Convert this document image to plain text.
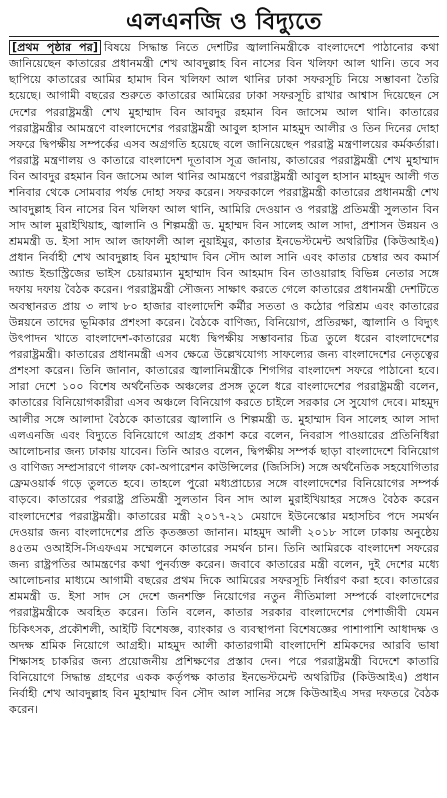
এলএনজি ও বিদ্যুতে

[প্রথম পৃষ্ঠার পর] বিষয়ে সিদ্ধান্ত নিতে দেশটির জ্বালানিমন্ত্রীকে বাংলাদেশে পাঠানোর কথা জানিয়েছেন কাতারের প্রধানমন্ত্রী শেখ আবদুল্লাহ বিন নাসের বিন খলিফা আল থানি। তবে সব ছাপিয়ে কাতারের আমির হামাদ বিন খলিফা আল থানির ঢাকা সফরসূচি নিয়ে সম্ভাবনা তৈরি হয়েছে। আগামী বছরের শুরুতে কাতারের আমিরের ঢাকা সফরসূচি রাখার আশ্বাস দিয়েছেন সে দেশের পররাষ্ট্রমন্ত্রী শেখ মুহাম্মাদ বিন আবদুর রহমান বিন জাসেম আল থানি। কাতারের পররাষ্ট্রমন্ত্রীর আমন্ত্রণে বাংলাদেশের পররাষ্ট্রমন্ত্রী আবুল হাসান মাহমুদ আলীর ও তিন দিনের দোহা সফরে দ্বিপক্ষীয় সম্পর্কের এসব অগ্রগতি হয়েছে বলে জানিয়েছেন পররাষ্ট্র মন্ত্রণালয়ের কর্মকর্তারা। পররাষ্ট্র মন্ত্রণালয় ও কাতারে বাংলাদেশ দূতাবাস সূত্র জানায়, কাতারের পররাষ্ট্রমন্ত্রী শেখ মুহাম্মাদ বিন আবদুর রহমান বিন জাসেম আল থানির আমন্ত্রণে পররাষ্ট্রমন্ত্রী আবুল হাসান মাহমুদ আলী গত শনিবার থেকে সোমবার পর্যন্ত দোহা সফর করেন। সফরকালে পররাষ্ট্রমন্ত্রী কাতারের প্রধানমন্ত্রী শেখ আবদুল্লাহ বিন নাসের বিন খলিফা আল থানি, আমিরি দেওয়ান ও পররাষ্ট্র প্রতিমন্ত্রী সুলতান বিন সাদ আল মুরাইখিয়াহ, জ্বালানি ও শিল্পমন্ত্রী ড. মুহাম্মদ বিন সালেহ আল সাদা, প্রশাসন উন্নয়ন ও শ্রমমন্ত্রী ড. ইসা সাদ আল জাফালী আল নুয়াইমুর, কাতার ইনভেস্টমেন্ট অথরিটির (কিউআইএ) প্রধান নির্বাহী শেখ আবদুল্লাহ বিন মুহাম্মাদ বিন সৌদ আল সানি এবং কাতার চেম্বার অব কমার্স অ্যান্ড ইন্ডাস্ট্রিজের ভাইস চেয়ারম্যান মুহাম্মাদ বিন আহমাদ বিন তাওয়ারাহ বিভিন্ন নেতার সঙ্গে দফায় দফায় বৈঠক করেন। পররাষ্ট্রমন্ত্রী সৌজন্য সাক্ষাৎ করতে গেলে কাতারের প্রধানমন্ত্রী দেশটিতে অবস্থানরত প্রায় ৩ লাখ ৮০ হাজার বাংলাদেশি কর্মীর সততা ও কঠোর পরিশ্রম এবং কাতারের উন্নয়নে তাদের ভূমিকার প্রশংসা করেন। বৈঠকে বাণিজ্য, বিনিয়োগ, প্রতিরক্ষা, জ্বালানি ও বিদ্যুৎ উৎপাদন খাতে বাংলাদেশ-কাতারের মধ্যে দ্বিপক্ষীয় সম্ভাবনার চিত্র তুলে ধরেন বাংলাদেশের পররাষ্ট্রমন্ত্রী। কাতারের প্রধানমন্ত্রী এসব ক্ষেত্রে উল্লেখযোগ্য সাফল্যের জন্য বাংলাদেশের নেতৃত্বের প্রশংসা করেন। তিনি জানান, কাতারের জ্বালানিমন্ত্রীকে শিগগির বাংলাদেশ সফরে পাঠানো হবে। সারা দেশে ১০০ বিশেষ অর্থনৈতিক অঞ্চলের প্রসঙ্গ তুলে ধরে বাংলাদেশের পররাষ্ট্রমন্ত্রী বলেন, কাতারের বিনিয়োগকারীরা এসব অঞ্চলে বিনিয়োগ করতে চাইলে সরকার সে সুযোগ দেবে। মাহমুদ আলীর সঙ্গে আলাদা বৈঠকে কাতারের জ্বালানি ও শিল্পমন্ত্রী ড. মুহাম্মাদ বিন সালেহ আল সাদা এলএনজি এবং বিদ্যুতে বিনিয়োগে আগ্রহ প্রকাশ করে বলেন, নিবরাস পাওয়ারের প্রতিনিধিরা আলোচনার জন্য ঢাকায় যাবেন। তিনি আরও বলেন, দ্বিপক্ষীয় সম্পর্ক ছাড়া বাংলাদেশে বিনিয়োগ ও বাণিজ্য সম্প্রসারণে গালফ কো-অপারেশন কাউন্সিলের (জিসিসি) সঙ্গে অর্থনৈতিক সহযোগিতার ফ্রেমওয়ার্ক গড়ে তুলতে হবে। তাহলে পুরো মধ্যপ্রাচ্যের সঙ্গে বাংলাদেশের বিনিয়োগের সম্পর্ক বাড়বে। কাতারের পররাষ্ট্র প্রতিমন্ত্রী সুলতান বিন সাদ আল মুরাইখিয়াহর সঙ্গেও বৈঠক করেন বাংলাদেশের পররাষ্ট্রমন্ত্রী। কাতারের মন্ত্রী ২০১৭-২১ মেয়াদে ইউনেস্কোর মহাসচিব পদে সমর্থন দেওয়ার জন্য বাংলাদেশের প্রতি কৃতজ্ঞতা জানান। মাহমুদ আলী ২০১৮ সালে ঢাকায় অনুষ্ঠেয় ৪৫তম ওআইসি-সিএফএম সম্মেলনে কাতারের সমর্থন চান। তিনি আমিরকে বাংলাদেশ সফরের জন্য রাষ্ট্রপতির আমন্ত্রণের কথা পুনর্ব্যক্ত করেন। জবাবে কাতারের মন্ত্রী বলেন, দুই দেশের মধ্যে আলোচনার মাধ্যমে আগামী বছরের প্রথম দিকে আমিরের সফরসূচি নির্ধারণ করা হবে। কাতারের শ্রমমন্ত্রী ড. ইসা সাদ সে দেশে জনশক্তি নিয়োগের নতুন নীতিমালা সম্পর্কে বাংলাদেশের পররাষ্ট্রমন্ত্রীকে অবহিত করেন। তিনি বলেন, কাতার সরকার বাংলাদেশের পেশাজীবী যেমন চিকিৎসক, প্রকৌশলী, আইটি বিশেষজ্ঞ, ব্যাংকার ও ব্যবস্থাপনা বিশেষজ্ঞের পাশাপাশি আধাদক্ষ ও অদক্ষ শ্রমিক নিয়োগে আগ্রহী। মাহমুদ আলী কাতারগামী বাংলাদেশি শ্রমিকদের আরবি ভাষা শিক্ষাসহ চাকরির জন্য প্রয়োজনীয় প্রশিক্ষণের প্রস্তাব দেন। পরে পররাষ্ট্রমন্ত্রী বিদেশে কাতারি বিনিয়োগে সিদ্ধান্ত গ্রহণের একক কর্তৃপক্ষ কাতার ইনভেস্টমেন্ট অথরিটির (কিউআইএ) প্রধান নির্বাহী শেখ আবদুল্লাহ বিন মুহাম্মাদ বিন সৌদ আল সানির সঙ্গে কিউআইএ সদর দফতরে বৈঠক করেন।
